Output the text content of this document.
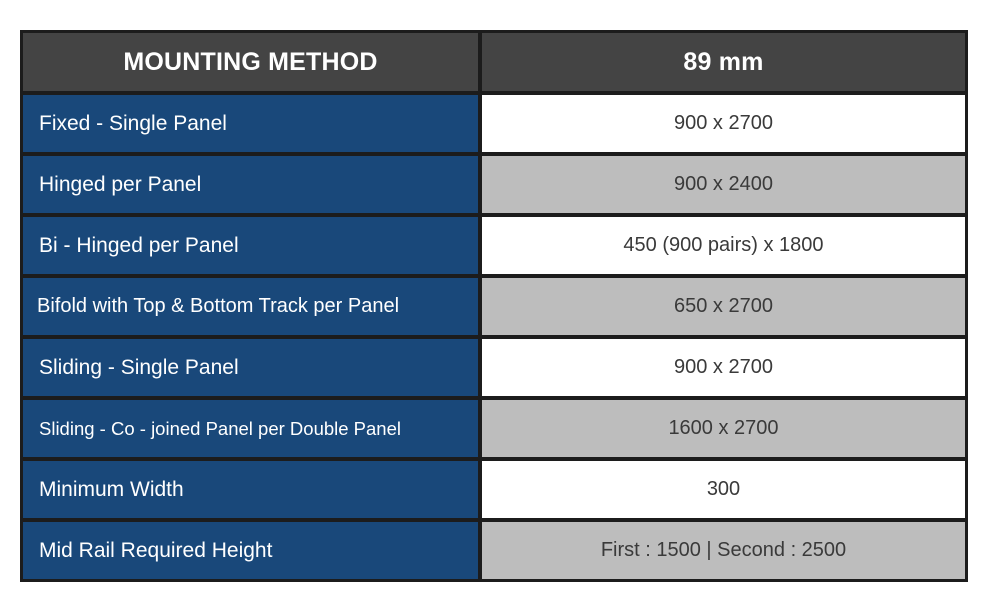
MOUNTING METHOD	89 mm
Fixed - Single Panel	900 x 2700
Hinged per Panel	900 x 2400
Bi - Hinged per Panel	450 (900 pairs) x 1800
Bifold with Top & Bottom Track per Panel	650 x 2700
Sliding - Single Panel	900 x 2700
Sliding - Co - joined Panel per Double Panel	1600 x 2700
Minimum Width	300
Mid Rail Required Height	First : 1500 | Second : 2500
